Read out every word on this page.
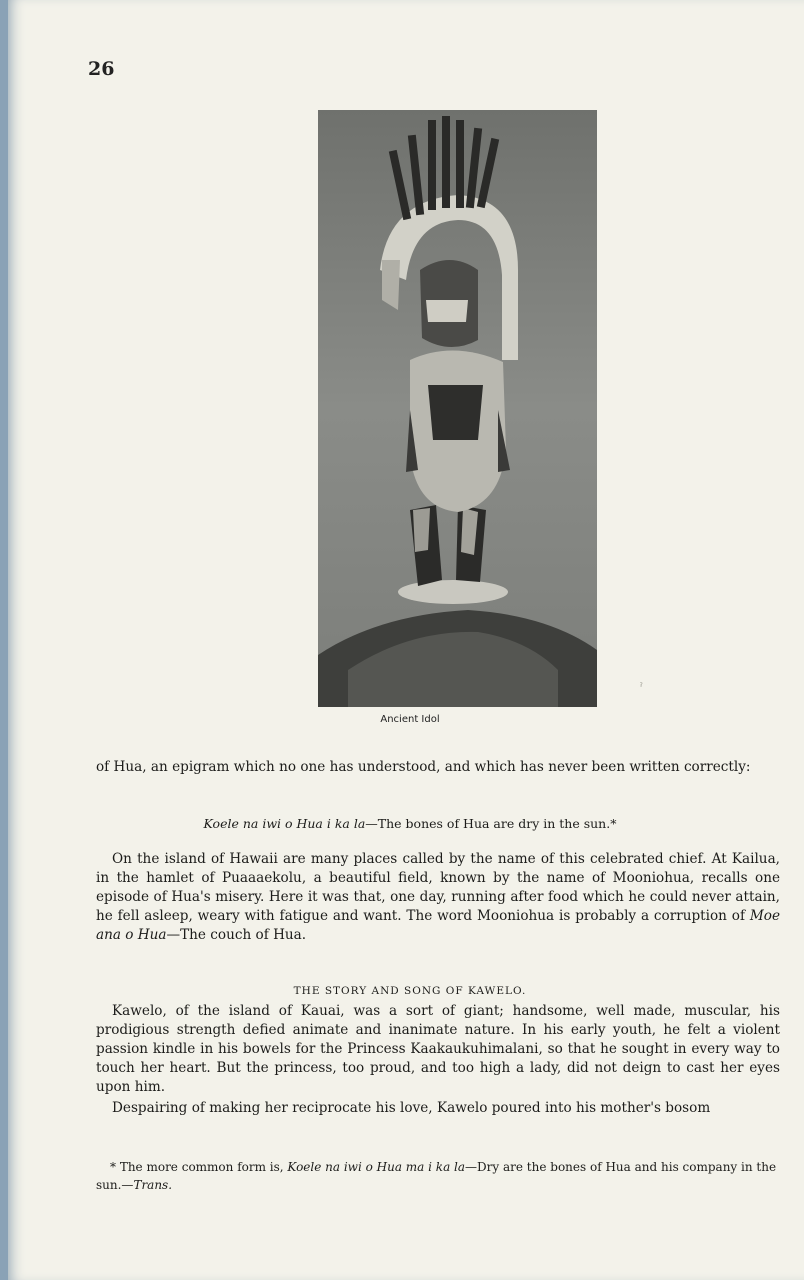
26
ˀ
Ancient Idol
of Hua, an epigram which no one has understood, and which has never been written correctly:
Koele na iwi o Hua i ka la—The bones of Hua are dry in the sun.*
On the island of Hawaii are many places called by the name of this celebrated chief. At Kailua, in the hamlet of Puaaaekolu, a beautiful field, known by the name of Mooniohua, recalls one episode of Hua's misery. Here it was that, one day, running after food which he could never attain, he fell asleep, weary with fatigue and want. The word Mooniohua is probably a corruption of Moe ana o Hua—The couch of Hua.
THE STORY AND SONG OF KAWELO.
Kawelo, of the island of Kauai, was a sort of giant; handsome, well made, muscular, his prodigious strength defied animate and inanimate nature. In his early youth, he felt a violent passion kindle in his bowels for the Princess Kaakaukuhimalani, so that he sought in every way to touch her heart. But the princess, too proud, and too high a lady, did not deign to cast her eyes upon him.
Despairing of making her reciprocate his love, Kawelo poured into his mother's bosom
* The more common form is, Koele na iwi o Hua ma i ka la—Dry are the bones of Hua and his company in the sun.—Trans.
